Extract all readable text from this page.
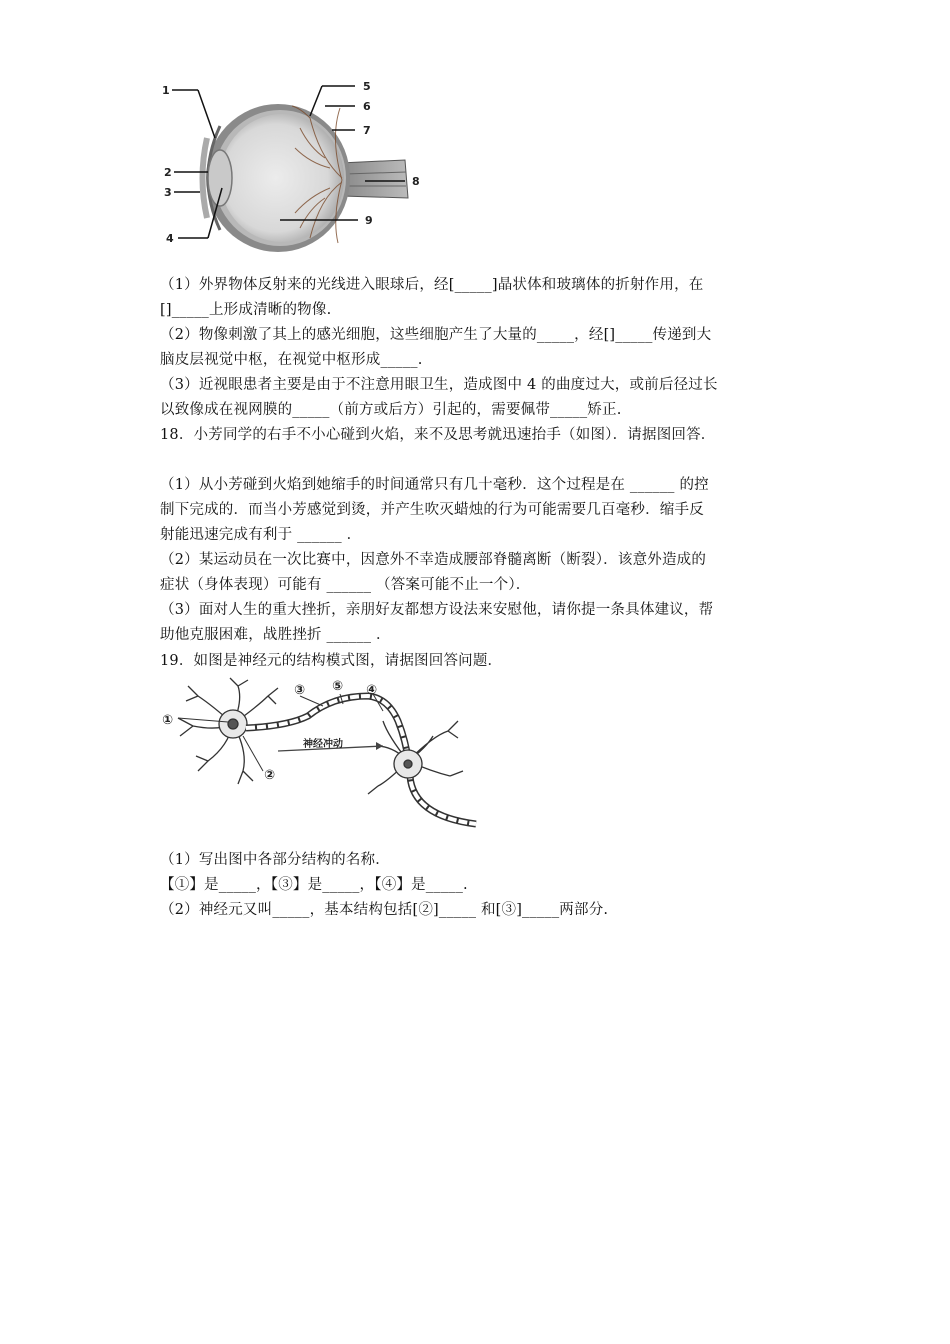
1
2
3
4
5
6
7
8
9
（1）外界物体反射来的光线进入眼球后，经[_____]晶状体和玻璃体的折射作用，在
[]_____上形成清晰的物像.
（2）物像刺激了其上的感光细胞，这些细胞产生了大量的_____，经[]_____传递到大
脑皮层视觉中枢，在视觉中枢形成_____.
（3）近视眼患者主要是由于不注意用眼卫生，造成图中 4 的曲度过大，或前后径过长
以致像成在视网膜的_____（前方或后方）引起的，需要佩带_____矫正.
18．小芳同学的右手不小心碰到火焰，来不及思考就迅速抬手（如图）．请据图回答．
（1）从小芳碰到火焰到她缩手的时间通常只有几十毫秒．这个过程是在 ______ 的控
制下完成的．而当小芳感觉到烫，并产生吹灭蜡烛的行为可能需要几百毫秒．缩手反
射能迅速完成有利于 ______ ．
（2）某运动员在一次比赛中，因意外不幸造成腰部脊髓离断（断裂）．该意外造成的
症状（身体表现）可能有 ______ （答案可能不止一个）．
（3）面对人生的重大挫折，亲朋好友都想方设法来安慰他，请你提一条具体建议，帮
助他克服困难，战胜挫折 ______ ．
19．如图是神经元的结构模式图，请据图回答问题．
神经冲动
①
②
③ ⑤ ④
（1）写出图中各部分结构的名称．
【①】是_____，【③】是_____，【④】是_____.
（2）神经元又叫_____，基本结构包括[②]_____ 和[③]_____两部分.
